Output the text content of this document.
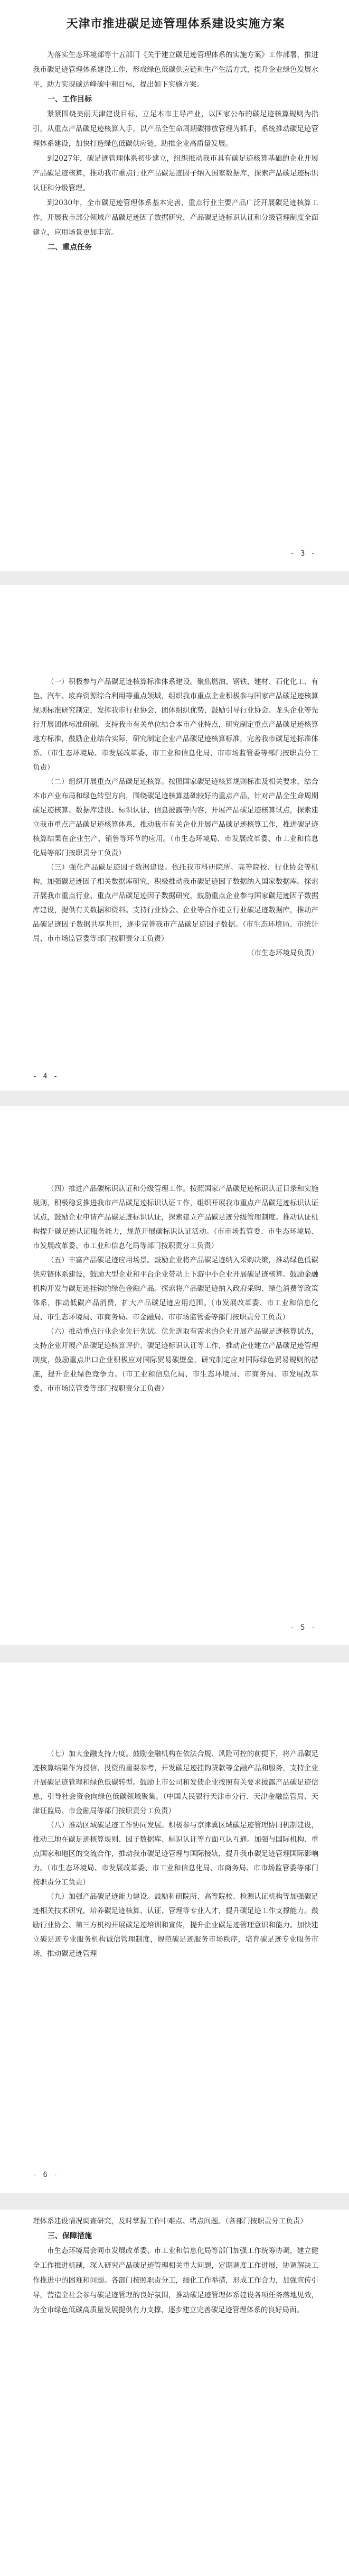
天津市推进碳足迹管理体系建设实施方案

为落实生态环境部等十五部门《关于建立碳足迹管理体系的实施方案》工作部署，推进我市碳足迹管理体系建设工作，形成绿色低碳供应链和生产生活方式，提升企业绿色发展水平，助力实现碳达峰碳中和目标，提出如下实施方案。

一、工作目标

紧紧围绕美丽天津建设目标，立足本市主导产业，以国家公布的碳足迹核算规则为指引，从重点产品碳足迹核算入手，以产品全生命周期碳排放管理为抓手，系统推动碳足迹管理体系建设，加快打造绿色低碳供应链，助推企业高质量发展。

到2027年，碳足迹管理体系初步建立，组织推动我市具有碳足迹核算基础的企业开展产品碳足迹核算，推动我市重点行业产品碳足迹因子纳入国家数据库，探索产品碳足迹标识认证和分级管理。

到2030年，全市碳足迹管理体系基本完善，重点行业主要产品广泛开展碳足迹核算工作，开展我市部分领域产品碳足迹因子数据研究，产品碳足迹标识认证和分级管理制度全面建立，应用场景更加丰富。

二、重点任务

- 3 -

（一）积极参与产品碳足迹核算标准体系建设。聚焦燃油、钢铁、建材、石化化工、有色、汽车、废弃资源综合利用等重点领域，组织我市重点企业积极参与国家产品碳足迹核算规则标准研究制定，发挥我市行业协会、团体组织优势，鼓励引导行业协会、龙头企业等先行开展团体标准研制。支持我市有关单位结合本市产业特点，研究制定重点产品碳足迹核算地方标准，鼓励企业结合实际，研究制定企业产品碳足迹核算标准，完善我市碳足迹标准体系。（市生态环境局、市发展改革委、市工业和信息化局、市市场监管委等部门按职责分工负责）

（二）组织开展重点产品碳足迹核算。按照国家碳足迹核算规则标准及相关要求，结合本市产业布局和绿色转型方向，围绕碳足迹核算基础较好的重点产品，针对产品全生命周期碳足迹核算、数据库建设、标识认证、信息披露等内容，开展产品碳足迹核算试点，探索建立我市重点产品碳足迹核算体系，推动我市有关企业开展产品碳足迹核算工作，推进碳足迹核算结果在企业生产、销售等环节的应用。（市生态环境局、市发展改革委、市工业和信息化局等部门按职责分工负责）

（三）强化产品碳足迹因子数据建设。依托我市科研院所、高等院校、行业协会等机构，加强碳足迹因子相关数据库研究，积极推动我市碳足迹因子数据纳入国家数据库。探索开展我市重点行业、重点产品碳足迹因子数据研究，鼓励重点企业参与国家碳足迹因子数据库建设，提供有关数据和资料。支持行业协会、企业等合作建立行业碳足迹数据库，推动产品碳足迹因子数据共享共用，逐步完善我市产品碳足迹因子数据。（市生态环境局、市统计局、市市场监管委等部门按职责分工负责）

（市生态环境局负责）

- 4 -

（四）推进产品碳标识认证和分级管理工作。按照国家产品碳足迹标识认证目录和实施规则，积极稳妥推进我市产品碳足迹标识认证工作，组织开展我市重点产品碳足迹标识认证试点，鼓励企业申请产品碳足迹标识认证，探索建立产品碳足迹分级管理制度。推动认证机构提升碳足迹认证服务能力，规范开展碳标识认证活动。（市市场监管委、市生态环境局、市发展改革委、市工业和信息化局等部门按职责分工负责）

（五）丰富产品碳足迹应用场景。鼓励企业将产品碳足迹纳入采购决策，推动绿色低碳供应链体系建设，鼓励大型企业和平台企业带动上下游中小企业开展碳足迹核算。鼓励金融机构开发与碳足迹挂钩的绿色金融产品。探索将产品碳足迹纳入政府采购、绿色消费等政策体系，推动低碳产品消费，扩大产品碳足迹应用范围。（市发展改革委、市工业和信息化局、市生态环境局、市商务局、市金融局、市市场监管委等部门按职责分工负责）

（六）推动重点行业企业先行先试。优先选取有需求的企业开展产品碳足迹核算试点，支持企业开展产品碳足迹核算评价、碳足迹标识认证等工作，推动企业建立产品碳足迹管理制度，鼓励重点出口企业积极应对国际贸易碳壁垒，研究制定应对国际绿色贸易规则的措施，提升企业绿色竞争力。（市工业和信息化局、市生态环境局、市商务局、市发展改革委、市市场监管委等部门按职责分工负责）

- 5 -

（七）加大金融支持力度。鼓励金融机构在依法合规、风险可控的前提下，将产品碳足迹核算结果作为授信、投资的重要参考，开发碳足迹挂钩贷款等金融产品和服务，支持企业开展碳足迹管理和绿色低碳转型。鼓励上市公司和发债企业按照有关要求披露产品碳足迹信息，引导社会资金向绿色低碳领域聚集。（中国人民银行天津市分行、天津金融监管局、天津证监局、市金融局等部门按职责分工负责）

（八）推动区域碳足迹工作协同发展。积极参与京津冀区域碳足迹管理协同机制建设，推动三地在碳足迹核算规则、因子数据库、标识认证等方面互认互通。加强与国际机构、重点国家和地区的交流合作，推动我市碳足迹管理与国际接轨，提升我市碳足迹管理国际影响力。（市生态环境局、市发展改革委、市工业和信息化局、市商务局、市市场监管委等部门按职责分工负责）

（九）加强产品碳足迹能力建设。鼓励科研院所、高等院校、检测认证机构等加强碳足迹相关技术研究，培养碳足迹核算、认证、管理等专业人才，提升碳足迹工作支撑能力。鼓励行业协会、第三方机构开展碳足迹培训和宣传，提升企业碳足迹管理意识和能力。加快建立碳足迹专业服务机构诚信管理制度，规范碳足迹服务市场秩序，培育碳足迹专业服务市场，推动碳足迹管理

- 6 -

理体系建设情况调查研究，及时掌握工作中难点、堵点问题。（各部门按职责分工负责）

三、保障措施

市生态环境局会同市发展改革委、市工业和信息化局等部门加强工作统筹协调，建立健全工作推进机制，深入研究产品碳足迹管理相关重大问题，定期调度工作进展，协调解决工作推进中的困难和问题。各部门按照职责分工，细化工作举措，形成工作合力，加强宣传引导，营造全社会参与碳足迹管理的良好氛围，推动碳足迹管理体系建设各项任务落地见效，为全市绿色低碳高质量发展提供有力支撑，逐步建立完善碳足迹管理体系的良好局面。
